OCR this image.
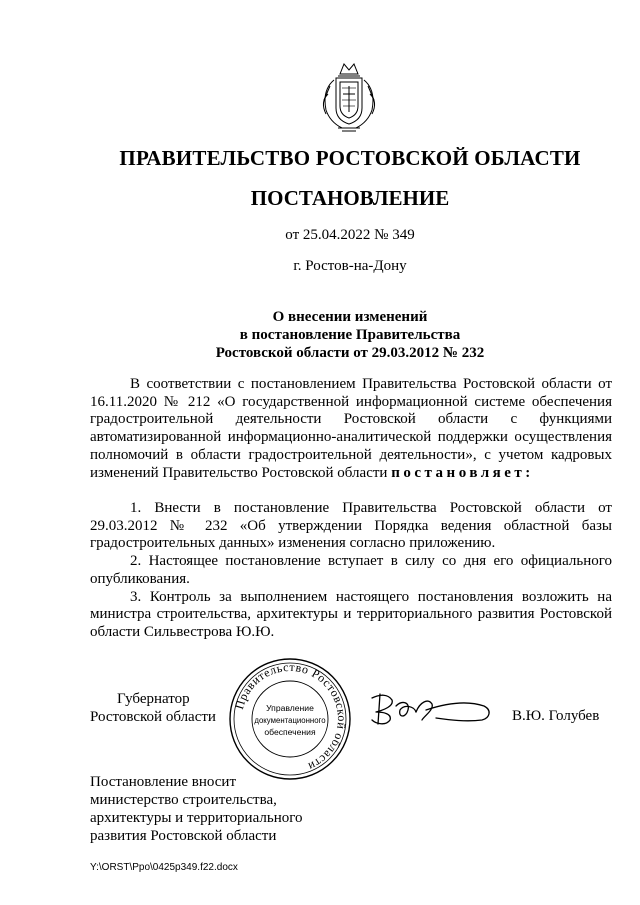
ПРАВИТЕЛЬСТВО РОСТОВСКОЙ ОБЛАСТИ
ПОСТАНОВЛЕНИЕ
от 25.04.2022 № 349
г. Ростов-на-Дону
О внесении изменений
в постановление Правительства
Ростовской области от 29.03.2012 № 232

В соответствии с постановлением Правительства Ростовской области от 16.11.2020 № 212 «О государственной информационной системе обеспечения градостроительной деятельности Ростовской области с функциями автоматизированной информационно-аналитической поддержки осуществления полномочий в области градостроительной деятельности», с учетом кадровых изменений Правительство Ростовской области постановляет:

1. Внести в постановление Правительства Ростовской области от 29.03.2012 № 232 «Об утверждении Порядка ведения областной базы градостроительных данных» изменения согласно приложению.

2. Настоящее постановление вступает в силу со дня его официального опубликования.

3. Контроль за выполнением настоящего постановления возложить на министра строительства, архитектуры и территориального развития Ростовской области Сильвестрова Ю.Ю.

Губернатор
Ростовской области
Правительство Ростовской области
Управление
документационного
обеспечения
В.Ю. Голубев
Постановление вносит
министерство строительства,
архитектуры и территориального
развития Ростовской области
Y:\ORST\Ppo\0425p349.f22.docx
